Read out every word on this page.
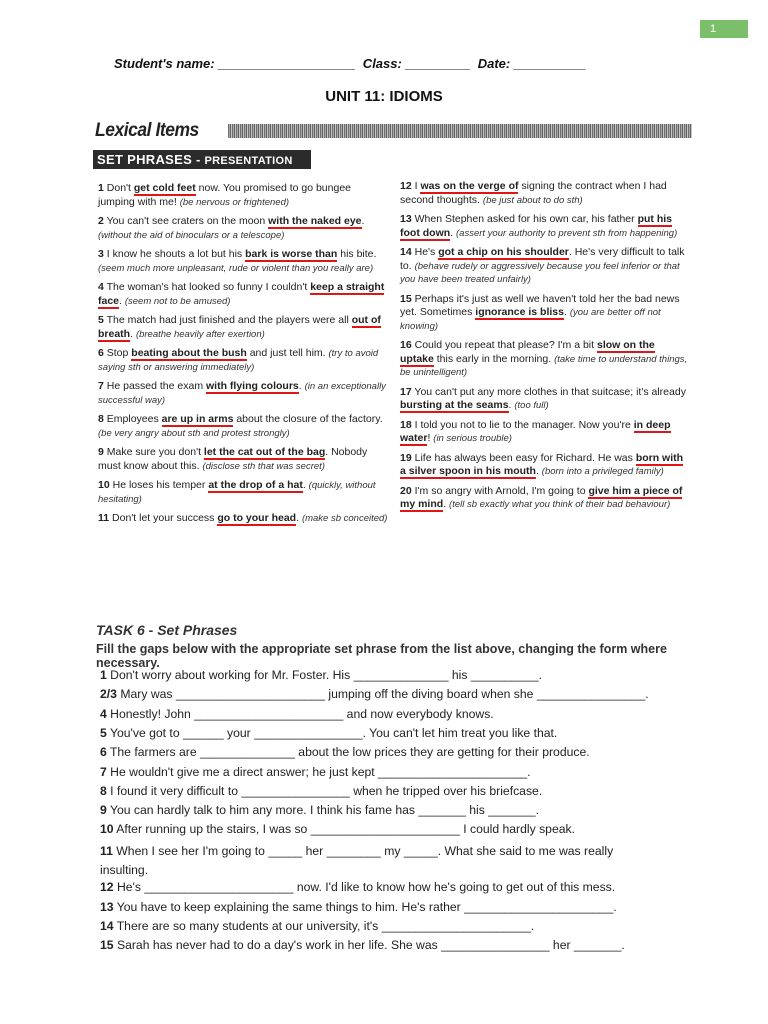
1
Student's name: ___________________  Class: _________  Date: __________
UNIT 11: IDIOMS
Lexical Items
SET PHRASES - PRESENTATION
1 Don't get cold feet now. You promised to go bungee jumping with me! (be nervous or frightened)
2 You can't see craters on the moon with the naked eye. (without the aid of binoculars or a telescope)
3 I know he shouts a lot but his bark is worse than his bite. (seem much more unpleasant, rude or violent than you really are)
4 The woman's hat looked so funny I couldn't keep a straight face. (seem not to be amused)
5 The match had just finished and the players were all out of breath. (breathe heavily after exertion)
6 Stop beating about the bush and just tell him. (try to avoid saying sth or answering immediately)
7 He passed the exam with flying colours. (in an exceptionally successful way)
8 Employees are up in arms about the closure of the factory. (be very angry about sth and protest strongly)
9 Make sure you don't let the cat out of the bag. Nobody must know about this. (disclose sth that was secret)
10 He loses his temper at the drop of a hat. (quickly, without hesitating)
11 Don't let your success go to your head. (make sb conceited)
12 I was on the verge of signing the contract when I had second thoughts. (be just about to do sth)
13 When Stephen asked for his own car, his father put his foot down. (assert your authority to prevent sth from happening)
14 He's got a chip on his shoulder. He's very difficult to talk to. (behave rudely or aggressively because you feel inferior or that you have been treated unfairly)
15 Perhaps it's just as well we haven't told her the bad news yet. Sometimes ignorance is bliss. (you are better off not knowing)
16 Could you repeat that please? I'm a bit slow on the uptake this early in the morning. (take time to understand things, be unintelligent)
17 You can't put any more clothes in that suitcase; it's already bursting at the seams. (too full)
18 I told you not to lie to the manager. Now you're in deep water! (in serious trouble)
19 Life has always been easy for Richard. He was born with a silver spoon in his mouth. (born into a privileged family)
20 I'm so angry with Arnold, I'm going to give him a piece of my mind. (tell sb exactly what you think of their bad behaviour)
TASK 6 - Set Phrases
Fill the gaps below with the appropriate set phrase from the list above, changing the form where necessary.
1 Don't worry about working for Mr. Foster. His ______________ his __________.
2/3 Mary was ______________________ jumping off the diving board when she ________________.
4 Honestly! John ______________________ and now everybody knows.
5 You've got to ______ your ________________. You can't let him treat you like that.
6 The farmers are ______________ about the low prices they are getting for their produce.
7 He wouldn't give me a direct answer; he just kept ______________________.
8 I found it very difficult to ________________ when he tripped over his briefcase.
9 You can hardly talk to him any more. I think his fame has _______ his _______.
10 After running up the stairs, I was so ______________________ I could hardly speak.
11 When I see her I'm going to _____ her ________ my _____. What she said to me was really insulting.
12 He's ______________________ now. I'd like to know how he's going to get out of this mess.
13 You have to keep explaining the same things to him. He's rather ______________________.
14 There are so many students at our university, it's ______________________.
15 Sarah has never had to do a day's work in her life. She was ________________ her _______.
